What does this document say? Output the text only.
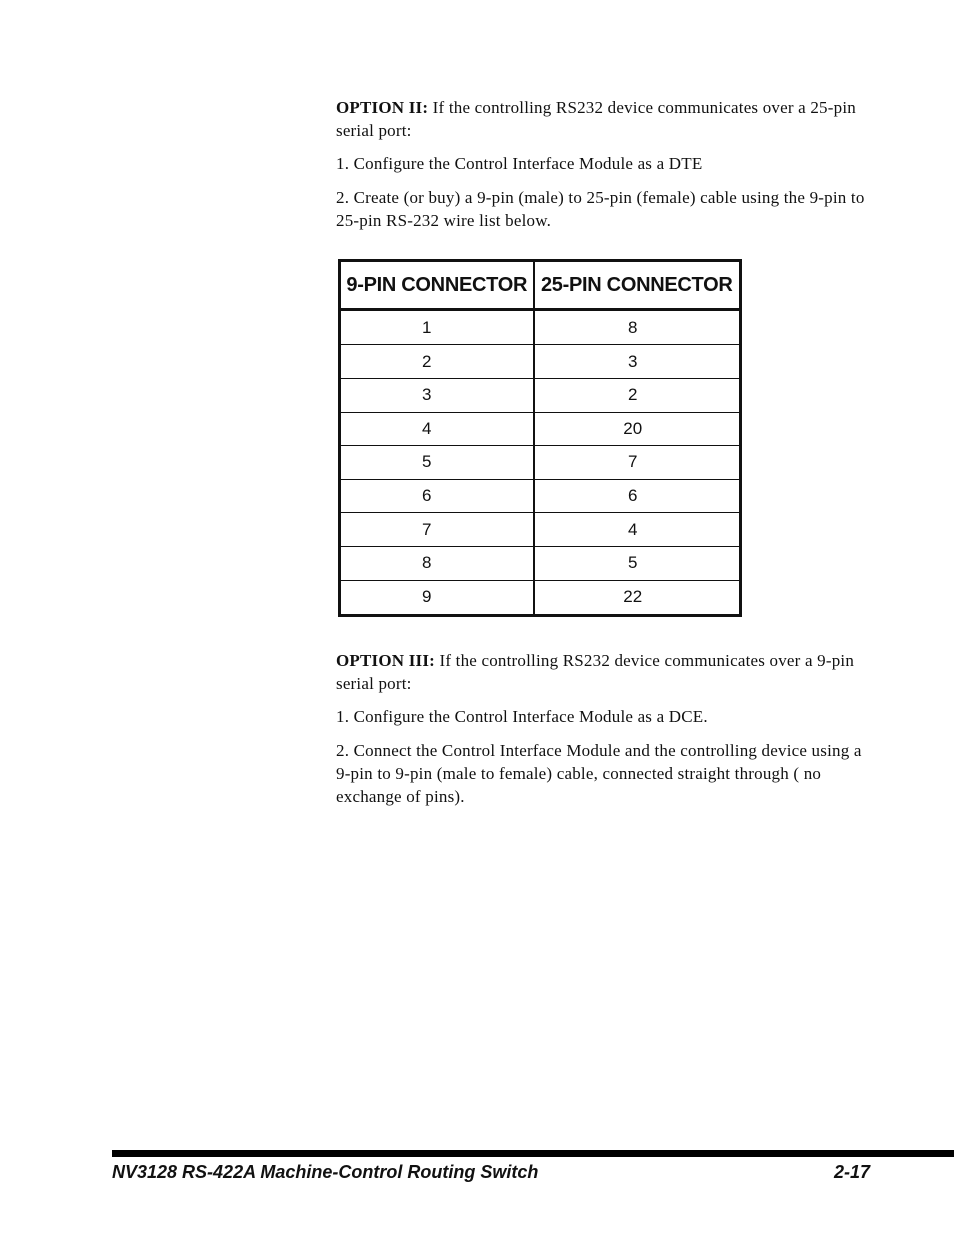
OPTION II: If the controlling RS232 device communicates over a 25-pin serial port:

1. Configure the Control Interface Module as a DTE

2. Create (or buy) a 9-pin (male) to 25-pin (female) cable using the 9-pin to 25-pin RS-232 wire list below.

9-PIN CONNECTOR	25-PIN CONNECTOR
1	8
2	3
3	2
4	20
5	7
6	6
7	4
8	5
9	22

OPTION III: If the controlling RS232 device communicates over a 9-pin serial port:

1. Configure the Control Interface Module as a DCE.

2. Connect the Control Interface Module and the controlling device using a 9-pin to 9-pin (male to female) cable, connected straight through ( no exchange of pins).

NV3128 RS-422A Machine-Control Routing Switch	2-17
